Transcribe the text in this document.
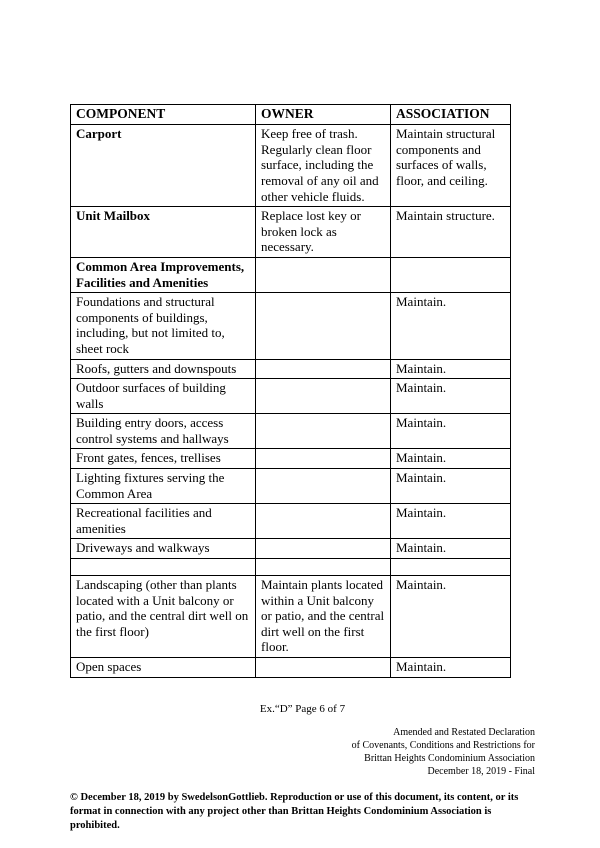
COMPONENT	OWNER	ASSOCIATION
Carport	Keep free of trash. Regularly clean floor surface, including the removal of any oil and other vehicle fluids.	Maintain structural components and surfaces of walls, floor, and ceiling.
Unit Mailbox	Replace lost key or broken lock as necessary.	Maintain structure.
Common Area Improvements, Facilities and Amenities		
Foundations and structural components of buildings, including, but not limited to, sheet rock		Maintain.
Roofs, gutters and downspouts		Maintain.
Outdoor surfaces of building walls		Maintain.
Building entry doors, access control systems and hallways		Maintain.
Front gates, fences, trellises		Maintain.
Lighting fixtures serving the Common Area		Maintain.
Recreational facilities and amenities		Maintain.
Driveways and walkways		Maintain.

Landscaping (other than plants located with a Unit balcony or patio, and the central dirt well on the first floor)	Maintain plants located within a Unit balcony or patio, and the central dirt well on the first floor.	Maintain.
Open spaces		Maintain.
Ex.“D” Page 6 of 7
Amended and Restated Declaration
of Covenants, Conditions and Restrictions for
Brittan Heights Condominium Association
December 18, 2019 - Final
© December 18, 2019 by SwedelsonGottlieb. Reproduction or use of this document, its content, or its format in connection with any project other than Brittan Heights Condominium Association is prohibited.
